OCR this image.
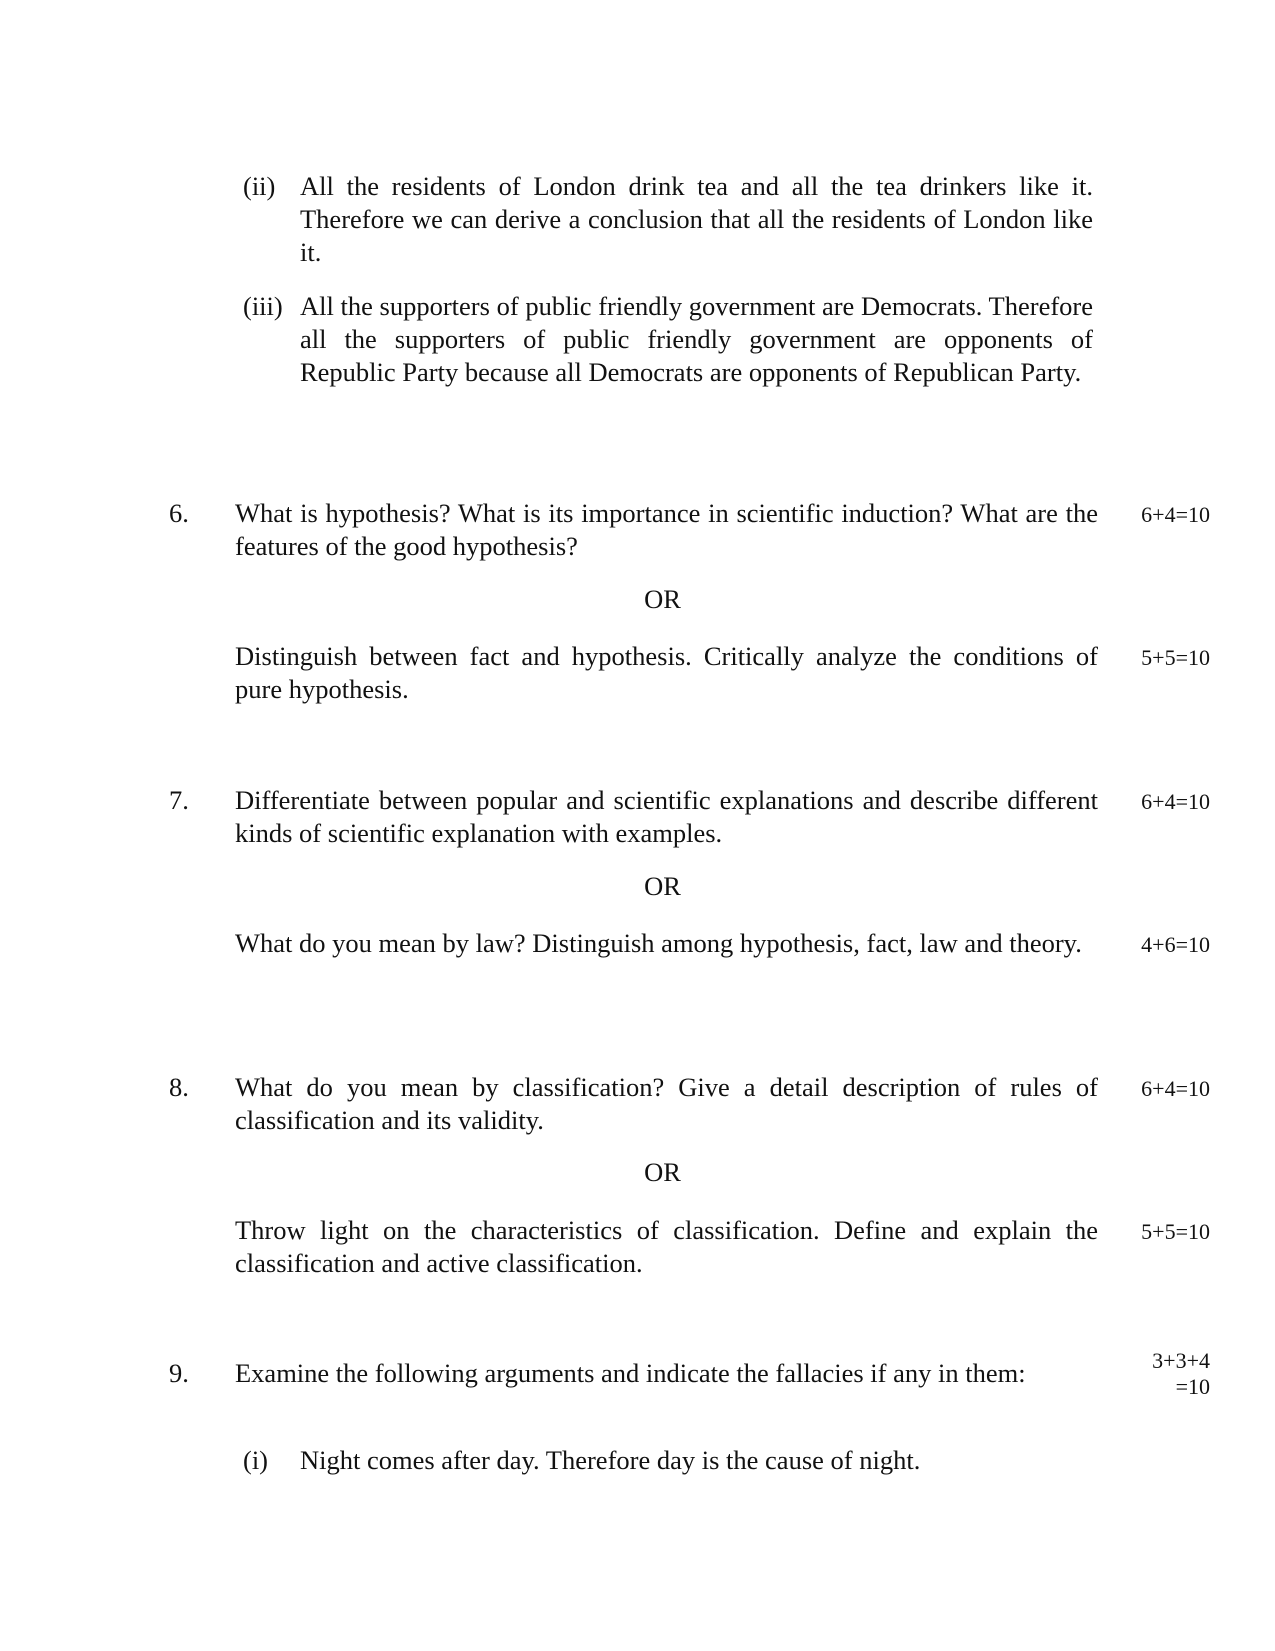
(ii) All the residents of London drink tea and all the tea drinkers like it. Therefore we can derive a conclusion that all the residents of London like it.
(iii) All the supporters of public friendly government are Democrats. Therefore all the supporters of public friendly government are opponents of Republic Party because all Democrats are opponents of Republican Party.
6. What is hypothesis? What is its importance in scientific induction? What are the features of the good hypothesis?
6+4=10
OR
Distinguish between fact and hypothesis. Critically analyze the conditions of pure hypothesis.
5+5=10
7. Differentiate between popular and scientific explanations and describe different kinds of scientific explanation with examples.
6+4=10
OR
What do you mean by law? Distinguish among hypothesis, fact, law and theory.	4+6=10
8. What do you mean by classification? Give a detail description of rules of classification and its validity.
6+4=10
OR
Throw light on the characteristics of classification. Define and explain the classification and active classification.
5+5=10
9. Examine the following arguments and indicate the fallacies if any in them:	3+3+4
=10
(i) Night comes after day. Therefore day is the cause of night.
